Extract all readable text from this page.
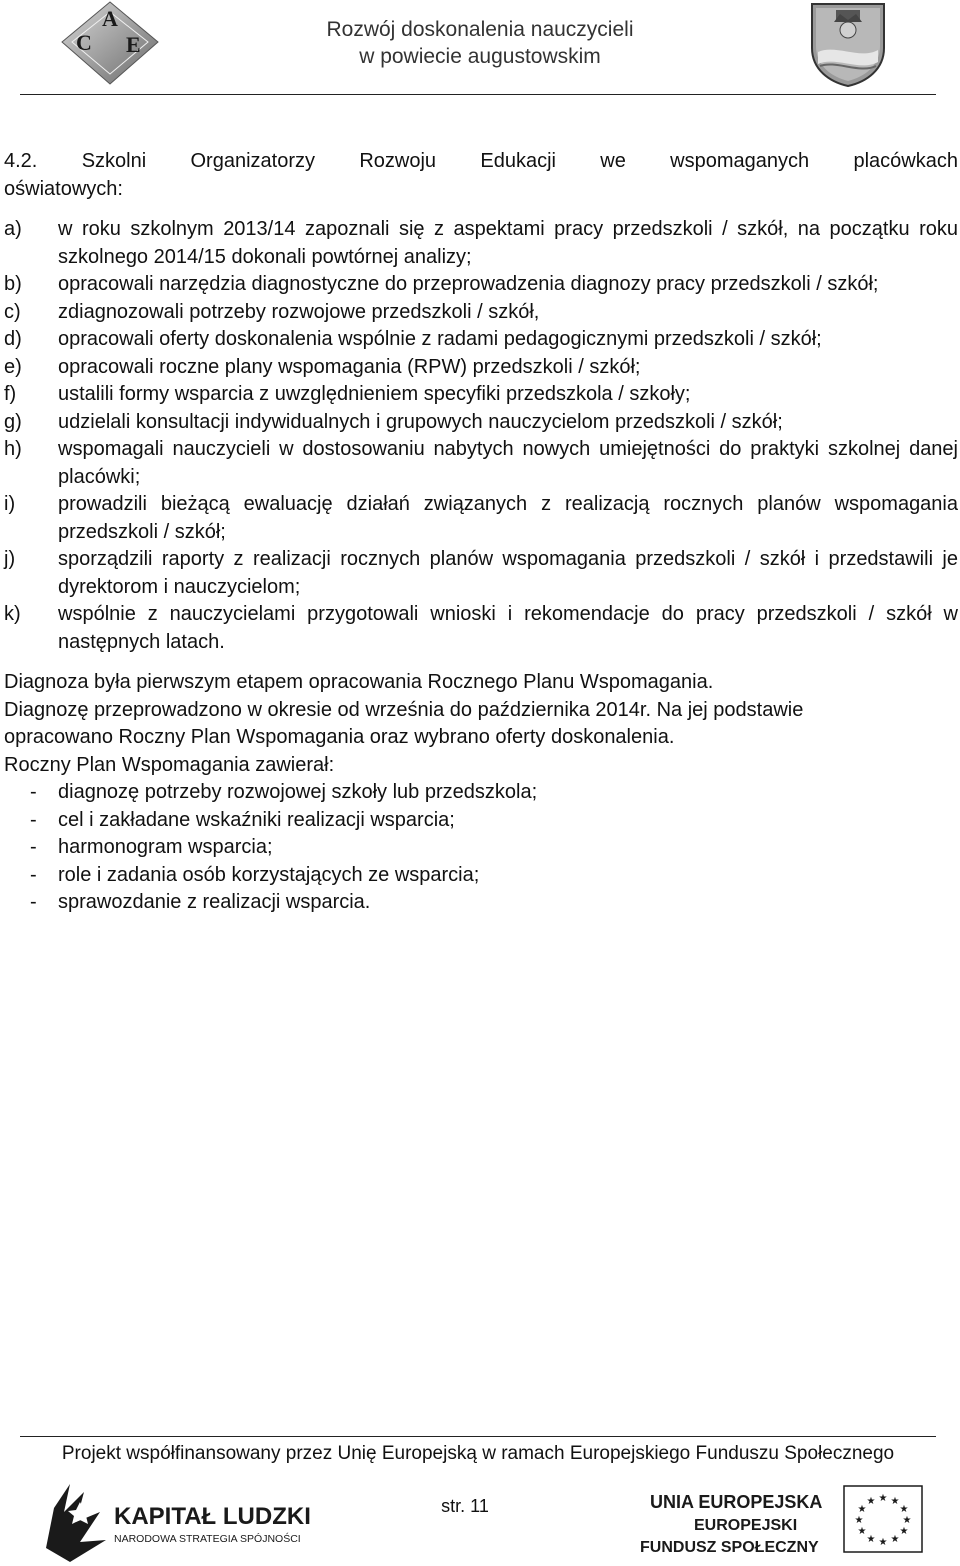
C
A
E
Rozwój doskonalenia nauczycieli
w powiecie augustowskim

4.2. Szkolni Organizatorzy Rozwoju Edukacji we wspomaganych placówkach
oświatowych:

a) w roku szkolnym 2013/14 zapoznali się z aspektami pracy przedszkoli / szkół, na początku roku szkolnego 2014/15 dokonali powtórnej analizy;
b) opracowali narzędzia diagnostyczne do przeprowadzenia diagnozy pracy przedszkoli / szkół;
c) zdiagnozowali potrzeby rozwojowe przedszkoli / szkół,
d) opracowali oferty doskonalenia wspólnie z radami pedagogicznymi przedszkoli / szkół;
e) opracowali roczne plany wspomagania (RPW) przedszkoli / szkół;
f) ustalili formy wsparcia z uwzględnieniem specyfiki przedszkola / szkoły;
g) udzielali konsultacji indywidualnych i grupowych nauczycielom przedszkoli / szkół;
h) wspomagali nauczycieli w dostosowaniu nabytych nowych umiejętności do praktyki szkolnej danej placówki;
i) prowadzili bieżącą ewaluację działań związanych z realizacją rocznych planów wspomagania przedszkoli / szkół;
j) sporządzili raporty z realizacji rocznych planów wspomagania przedszkoli / szkół i przedstawili je dyrektorom i nauczycielom;
k) wspólnie z nauczycielami przygotowali wnioski i rekomendacje do pracy przedszkoli / szkół w następnych latach.

Diagnoza była pierwszym etapem opracowania Rocznego Planu Wspomagania.

Diagnozę przeprowadzono w okresie od września do października 2014r. Na jej podstawie

opracowano Roczny Plan Wspomagania oraz wybrano oferty doskonalenia.

Roczny Plan Wspomagania zawierał:

- diagnozę potrzeby rozwojowej szkoły lub przedszkola;
- cel i zakładane wskaźniki realizacji wsparcia;
- harmonogram wsparcia;
- role i zadania osób korzystających ze wsparcia;
- sprawozdanie z realizacji wsparcia.
Projekt współfinansowany przez Unię Europejską w ramach Europejskiego Funduszu Społecznego
KAPITAŁ LUDZKI
NARODOWA STRATEGIA SPÓJNOŚCI
str. 11	UNIA EUROPEJSKA
EUROPEJSKI
FUNDUSZ SPOŁECZNY
★ ★
★
★
★
★
★
★
★
★
★
★
